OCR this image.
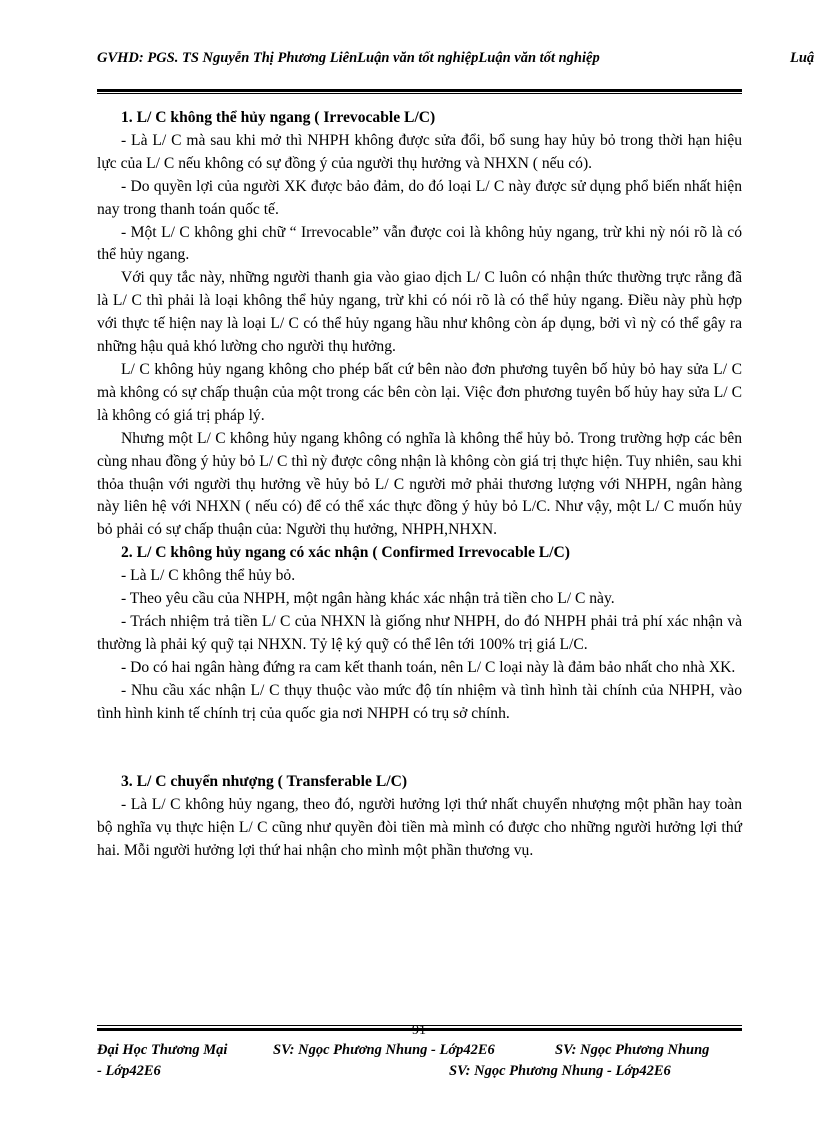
GVHD: PGS. TS Nguyễn Thị Phương LiênLuận văn tốt nghiệpLuận văn tốt nghiệp	Luậ

1. L/ C không thể hủy ngang ( Irrevocable L/C)

- Là L/ C mà sau khi mở thì NHPH không được sửa đổi, bổ sung hay hủy bỏ trong thời hạn hiệu lực của L/ C nếu không có sự đồng ý của người thụ hưởng và NHXN ( nếu có).

- Do quyền lợi của người XK được bảo đảm, do đó loại L/ C này được sử dụng phổ biến nhất hiện nay trong thanh toán quốc tế.

- Một L/ C không ghi chữ “ Irrevocable” vẫn được coi là không hủy ngang, trừ khi nỳ nói rõ là có thể hủy ngang.

Với quy tắc này, những người thanh gia vào giao dịch L/ C luôn có nhận thức thường trực rằng đã là L/ C thì phải là loại không thể hủy ngang, trừ khi có nói rõ là có thể hủy ngang. Điều này phù hợp với thực tế hiện nay là loại L/ C có thể hủy ngang hầu như không còn áp dụng, bởi vì nỳ có thể gây ra những hậu quả khó lường cho người thụ hưởng.

L/ C không hủy ngang không cho phép bất cứ bên nào đơn phương tuyên bố hủy bỏ hay sửa L/ C mà không có sự chấp thuận của một trong các bên còn lại. Việc đơn phương tuyên bố hủy hay sửa L/ C là không có giá trị pháp lý.

Nhưng một L/ C không hủy ngang không có nghĩa là không thể hủy bỏ. Trong trường hợp các bên cùng nhau đồng ý hủy bỏ L/ C thì nỳ được công nhận là không còn giá trị thực hiện. Tuy nhiên, sau khi thỏa thuận với người thụ hưởng về hủy bỏ L/ C người mở phải thương lượng với NHPH, ngân hàng này liên hệ với NHXN ( nếu có) để có thể xác thực đồng ý hủy bỏ L/C. Như vậy, một L/ C muốn hủy bỏ phải có sự chấp thuận của: Người thụ hưởng, NHPH,NHXN.

2. L/ C không hủy ngang có xác nhận ( Confirmed Irrevocable L/C)

- Là L/ C không thể hủy bỏ.

- Theo yêu cầu của NHPH, một ngân hàng khác xác nhận trả tiền cho L/ C này.

- Trách nhiệm trả tiền L/ C của NHXN là giống như NHPH, do đó NHPH phải trả phí xác nhận và thường là phải ký quỹ tại NHXN. Tỷ lệ ký quỹ có thể lên tới 100% trị giá L/C.

- Do có hai ngân hàng đứng ra cam kết thanh toán, nên L/ C loại này là đảm bảo nhất cho nhà XK.

- Nhu cầu xác nhận L/ C thụy thuộc vào mức độ tín nhiệm và tình hình tài chính của NHPH, vào tình hình kinh tế chính trị của quốc gia nơi NHPH có trụ sở chính.

3. L/ C chuyển nhượng ( Transferable L/C)

- Là L/ C không hủy ngang, theo đó, người hưởng lợi thứ nhất chuyển nhượng một phần hay toàn bộ nghĩa vụ thực hiện L/ C cũng như quyền đòi tiền mà mình có được cho những người hưởng lợi thứ hai. Mỗi người hưởng lợi thứ hai nhận cho mình một phần thương vụ.

91
Đại Học Thương Mại	SV: Ngọc Phương Nhung - Lớp42E6	SV: Ngọc Phương Nhung
- Lớp42E6	SV: Ngọc Phương Nhung - Lớp42E6
